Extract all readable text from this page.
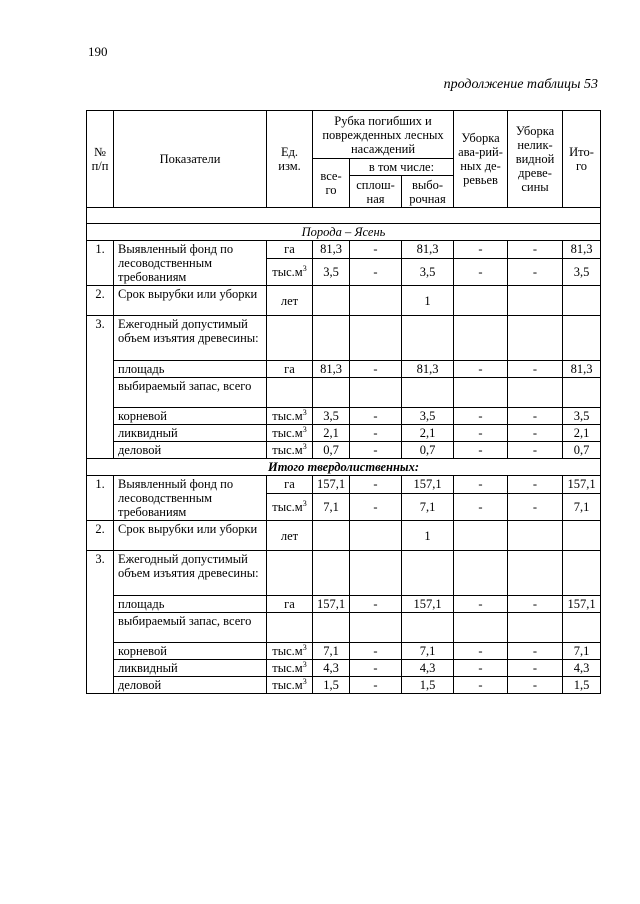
190
продолжение таблицы 53
№ п/п	Показатели	Ед. изм.	Рубка погибших и поврежденных лесных насаждений			Уборка ава-рий-ных де-ревьев	Уборка нелик-видной древе-сины	Ито-го
			все-го	в том числе:				
				сплош-ная	выбо-рочная			

Порода – Ясень								
1.	Выявленный фонд по лесоводственным требованиям	га	81,3	-	81,3	-	-	81,3
		$тыс.м^3$	3,5	-	3,5	-	-	3,5
2.	Срок вырубки или уборки	лет			1			
3.	Ежегодный допустимый объем изъятия древесины:							
	площадь	га	81,3	-	81,3	-	-	81,3
	выбираемый запас, всего							
	корневой	$тыс.м^3$	3,5	-	3,5	-	-	3,5
	ликвидный	$тыс.м^3$	2,1	-	2,1	-	-	2,1
	деловой	$тыс.м^3$	0,7	-	0,7	-	-	0,7
Итого твердолиственных:								
1.	Выявленный фонд по лесоводственным требованиям	га	157,1	-	157,1	-	-	157,1
		$тыс.м^3$	7,1	-	7,1	-	-	7,1
2.	Срок вырубки или уборки	лет			1			
3.	Ежегодный допустимый объем изъятия древесины:							
	площадь	га	157,1	-	157,1	-	-	157,1
	выбираемый запас, всего							
	корневой	$тыс.м^3$	7,1	-	7,1	-	-	7,1
	ликвидный	$тыс.м^3$	4,3	-	4,3	-	-	4,3
	деловой	$тыс.м^3$	1,5	-	1,5	-	-	1,5
